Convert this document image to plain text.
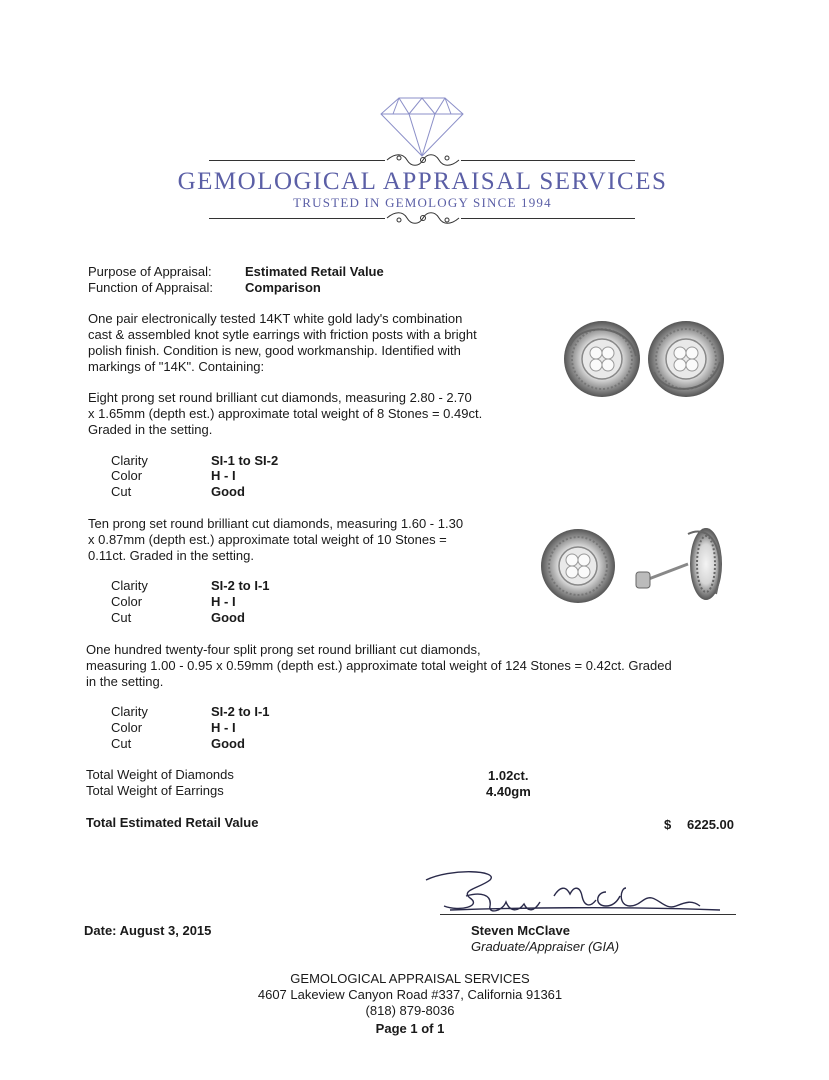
GEMOLOGICAL APPRAISAL SERVICES
TRUSTED IN GEMOLOGY SINCE 1994
Purpose of Appraisal:	Estimated Retail Value
Function of Appraisal: Comparison
One pair electronically tested 14KT white gold lady's combination
cast & assembled knot sytle earrings with friction posts with a bright
polish finish. Condition is new, good workmanship. Identified with
markings of "14K". Containing:
Eight prong set round brilliant cut diamonds, measuring 2.80 - 2.70
x 1.65mm (depth est.) approximate total weight of 8 Stones = 0.49ct.
Graded in the setting.
Clarity	SI-1 to SI-2
Color	H - I
Cut	Good
Ten prong set round brilliant cut diamonds, measuring 1.60 - 1.30
x 0.87mm (depth est.) approximate total weight of 10 Stones =
0.11ct. Graded in the setting.
Clarity	SI-2 to I-1
Color	H - I
Cut	Good
One hundred twenty-four split prong set round brilliant cut diamonds,
measuring 1.00 - 0.95 x 0.59mm (depth est.) approximate total weight of 124 Stones = 0.42ct. Graded
in the setting.
Clarity	SI-2 to I-1
Color	H - I
Cut	Good
Total Weight of Diamonds	1.02ct.
Total Weight of Earrings	4.40gm
Total Estimated Retail Value	$ 6225.00
Date: August 3, 2015	Steven McClave
Graduate/Appraiser (GIA)
GEMOLOGICAL APPRAISAL SERVICES
4607 Lakeview Canyon Road #337, California 91361
(818) 879-8036
Page 1 of 1
